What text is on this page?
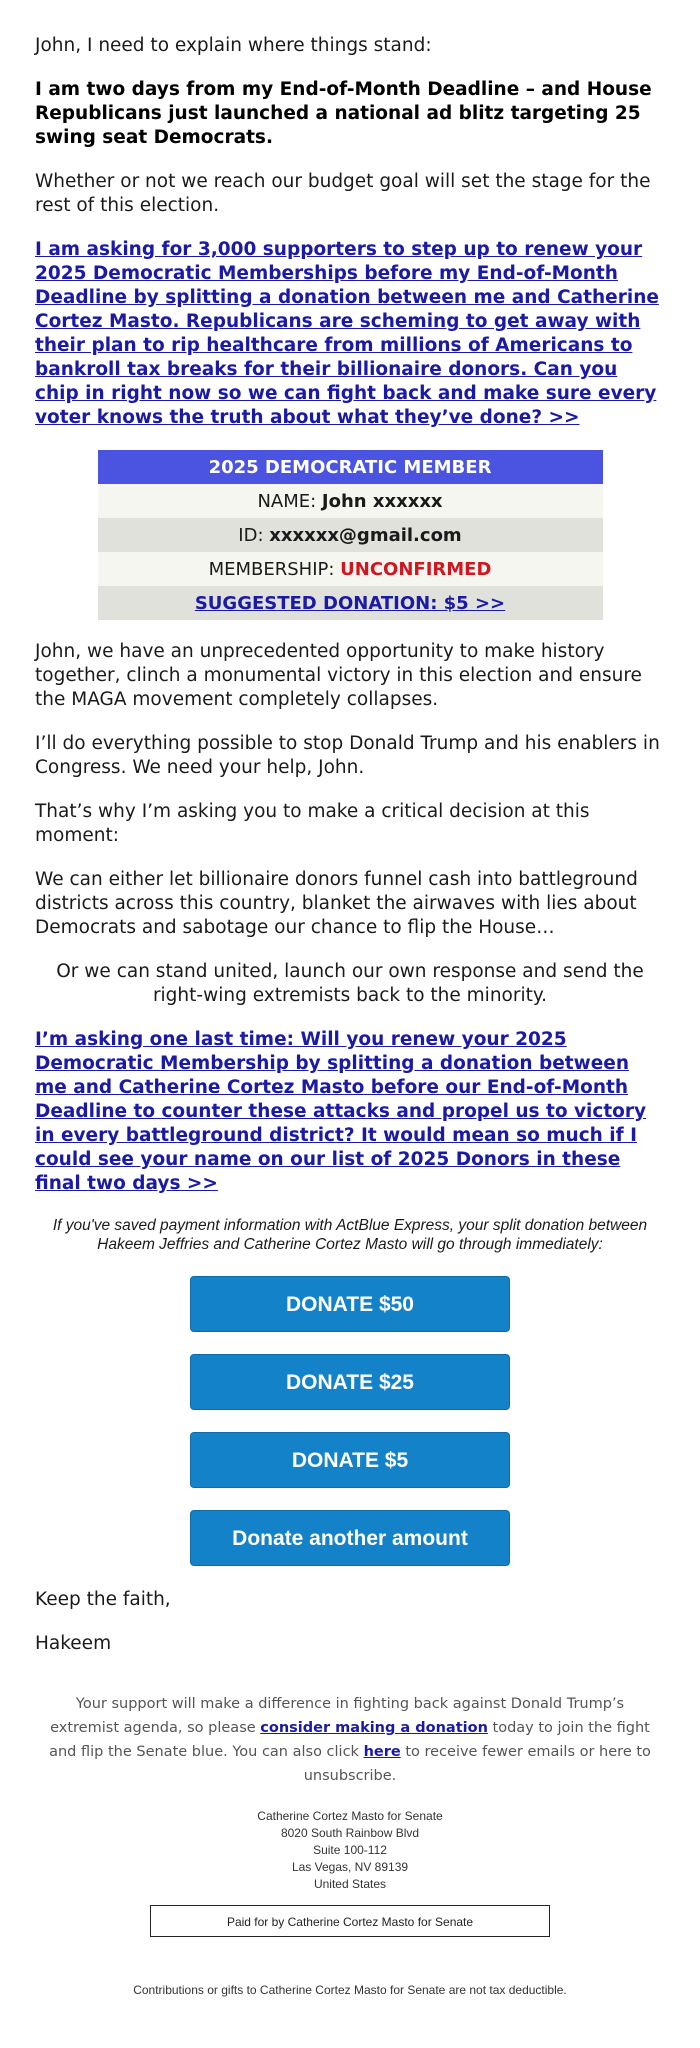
John, I need to explain where things stand:

I am two days from my End-of-Month Deadline – and House Republicans just launched a national ad blitz targeting 25 swing seat Democrats.

Whether or not we reach our budget goal will set the stage for the rest of this election.

I am asking for 3,000 supporters to step up to renew your 2025 Democratic Memberships before my End-of-Month Deadline by splitting a donation between me and Catherine Cortez Masto. Republicans are scheming to get away with their plan to rip healthcare from millions of Americans to bankroll tax breaks for their billionaire donors. Can you chip in right now so we can fight back and make sure every voter knows the truth about what they’ve done? >>

2025 DEMOCRATIC MEMBER
NAME: John xxxxxx
ID: xxxxxx@gmail.com
MEMBERSHIP: UNCONFIRMED
SUGGESTED DONATION: $5 >>

John, we have an unprecedented opportunity to make history together, clinch a monumental victory in this election and ensure the MAGA movement completely collapses.

I’ll do everything possible to stop Donald Trump and his enablers in Congress. We need your help, John.

That’s why I’m asking you to make a critical decision at this moment:

We can either let billionaire donors funnel cash into battleground districts across this country, blanket the airwaves with lies about Democrats and sabotage our chance to flip the House…

Or we can stand united, launch our own response and send the right-wing extremists back to the minority.

I’m asking one last time: Will you renew your 2025 Democratic Membership by splitting a donation between me and Catherine Cortez Masto before our End-of-Month Deadline to counter these attacks and propel us to victory in every battleground district? It would mean so much if I could see your name on our list of 2025 Donors in these final two days >>

If you've saved payment information with ActBlue Express, your split donation between Hakeem Jeffries and Catherine Cortez Masto will go through immediately:

DONATE $50
DONATE $25
DONATE $5
Donate another amount

Keep the faith,

Hakeem

Your support will make a difference in fighting back against Donald Trump’s extremist agenda, so please consider making a donation today to join the fight and flip the Senate blue. You can also click here to receive fewer emails or here to unsubscribe.

Catherine Cortez Masto for Senate
8020 South Rainbow Blvd
Suite 100-112
Las Vegas, NV 89139
United States
Paid for by Catherine Cortez Masto for Senate

Contributions or gifts to Catherine Cortez Masto for Senate are not tax deductible.
